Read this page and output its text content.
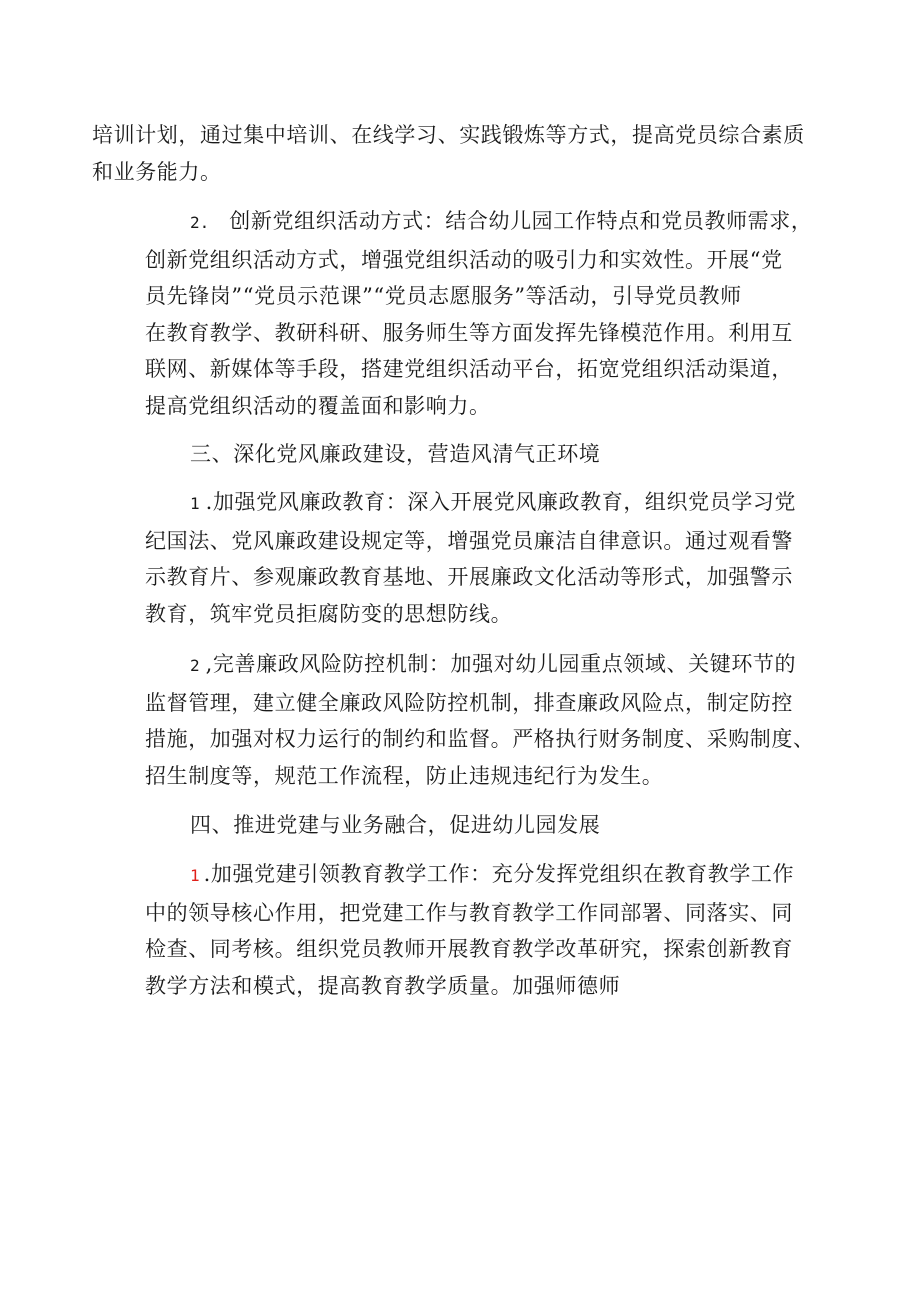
培训计划，通过集中培训、在线学习、实践锻炼等方式，提高党员综合素质
和业务能力。
2. 创新党组织活动方式：结合幼儿园工作特点和党员教师需求，
创新党组织活动方式，增强党组织活动的吸引力和实效性。开展“党
员先锋岗”“党员示范课”“党员志愿服务”等活动，引导党员教师
在教育教学、教研科研、服务师生等方面发挥先锋模范作用。利用互
联网、新媒体等手段，搭建党组织活动平台，拓宽党组织活动渠道，
提高党组织活动的覆盖面和影响力。
三、深化党风廉政建设，营造风清气正环境
1 .加强党风廉政教育：深入开展党风廉政教育，组织党员学习党
纪国法、党风廉政建设规定等，增强党员廉洁自律意识。通过观看警
示教育片、参观廉政教育基地、开展廉政文化活动等形式，加强警示
教育，筑牢党员拒腐防变的思想防线。
2 ,完善廉政风险防控机制：加强对幼儿园重点领域、关键环节的
监督管理，建立健全廉政风险防控机制，排查廉政风险点，制定防控
措施，加强对权力运行的制约和监督。严格执行财务制度、采购制度、
招生制度等，规范工作流程，防止违规违纪行为发生。
四、推进党建与业务融合，促进幼儿园发展
1 .加强党建引领教育教学工作：充分发挥党组织在教育教学工作
中的领导核心作用，把党建工作与教育教学工作同部署、同落实、同
检查、同考核。组织党员教师开展教育教学改革研究，探索创新教育
教学方法和模式，提高教育教学质量。加强师德师
